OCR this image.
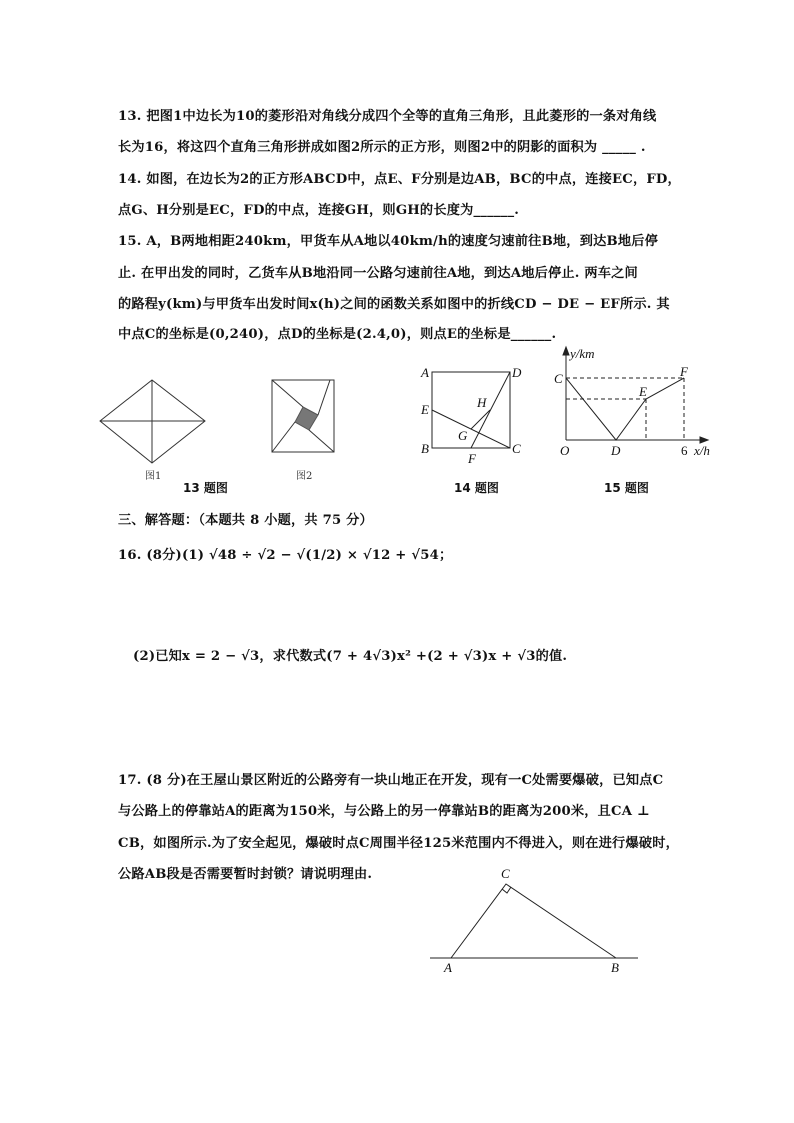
13. 把图1中边长为10的菱形沿对角线分成四个全等的直角三角形，且此菱形的一条对角线
长为16，将这四个直角三角形拼成如图2所示的正方形，则图2中的阴影的面积为 _____ .
14. 如图，在边长为2的正方形ABCD中，点E、F分别是边AB，BC的中点，连接EC，FD，
点G、H分别是EC，FD的中点，连接GH，则GH的长度为______.
15. A，B两地相距240km，甲货车从A地以40km/h的速度匀速前往B地，到达B地后停
止. 在甲出发的同时，乙货车从B地沿同一公路匀速前往A地，到达A地后停止. 两车之间
的路程y(km)与甲货车出发时间x(h)之间的函数关系如图中的折线CD − DE − EF所示. 其
中点C的坐标是(0,240)，点D的坐标是(2.4,0)，则点E的坐标是______.
A	D
E
B	C
F
G
H
y/km
C
E
F
O	D	6 x/h
C
A	B
图1	图2
13 题图	14 题图	15 题图
三、解答题：（本题共 8 小题，共 75 分）
16. (8分)(1) √48 ÷ √2 − √(1/2) × √12 + √54；
(2)已知x = 2 − √3，求代数式(7 + 4√3)x² +(2 + √3)x + √3的值.
17. (8 分)在王屋山景区附近的公路旁有一块山地正在开发，现有一C处需要爆破，已知点C
与公路上的停靠站A的距离为150米，与公路上的另一停靠站B的距离为200米，且CA ⊥
CB，如图所示.为了安全起见，爆破时点C周围半径125米范围内不得进入，则在进行爆破时，
公路AB段是否需要暂时封锁？请说明理由.
